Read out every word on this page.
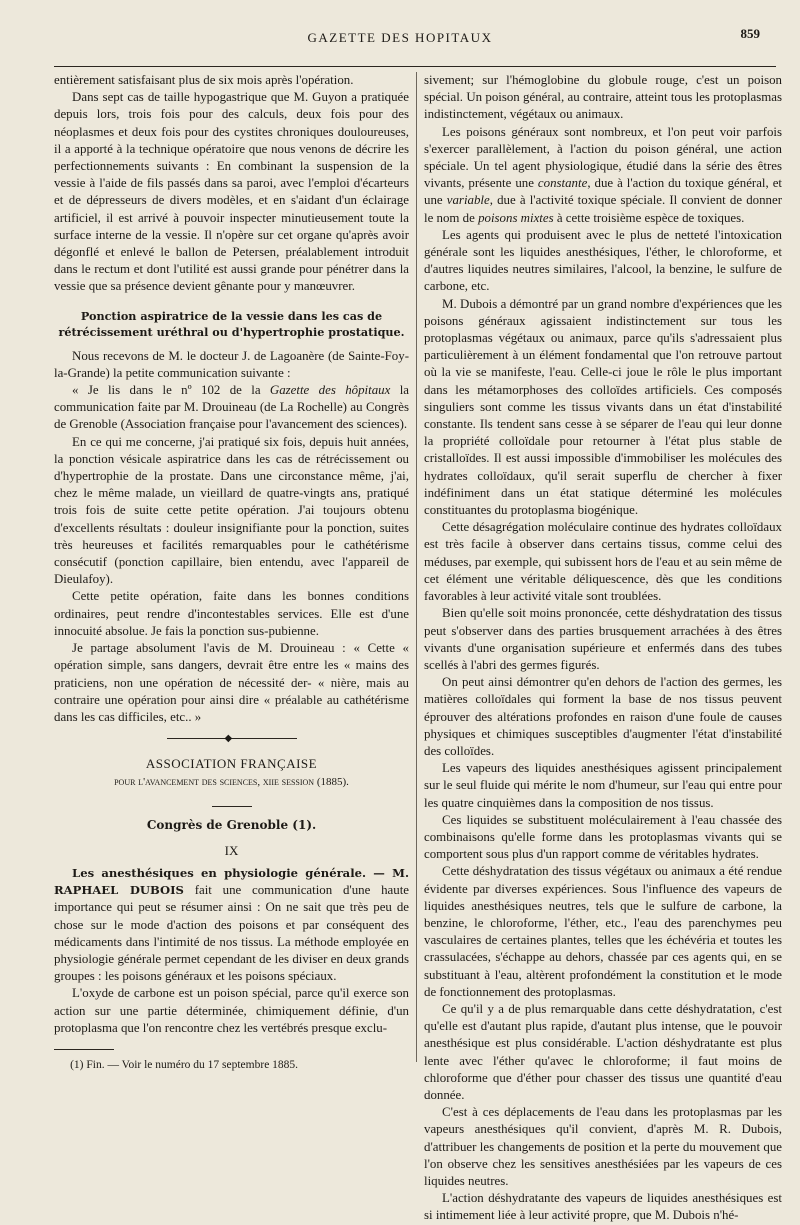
GAZETTE DES HOPITAUX	859

entièrement satisfaisant plus de six mois après l'opération.

Dans sept cas de taille hypogastrique que M. Guyon a pratiquée depuis lors, trois fois pour des calculs, deux fois pour des néoplasmes et deux fois pour des cystites chroniques douloureuses, il a apporté à la technique opératoire que nous venons de décrire les perfectionnements suivants : En combinant la suspension de la vessie à l'aide de fils passés dans sa paroi, avec l'emploi d'écarteurs et de dépresseurs de divers modèles, et en s'aidant d'un éclairage artificiel, il est arrivé à pouvoir inspecter minutieusement toute la surface interne de la vessie. Il n'opère sur cet organe qu'après avoir dégonflé et enlevé le ballon de Petersen, préalablement introduit dans le rectum et dont l'utilité est aussi grande pour pénétrer dans la vessie que sa présence devient gênante pour y manœuvrer.

Ponction aspiratrice de la vessie dans les cas de rétrécissement uréthral ou d'hypertrophie prostatique.

Nous recevons de M. le docteur J. de Lagoanère (de Sainte-Foy-la-Grande) la petite communication suivante :

« Je lis dans le nº 102 de la Gazette des hôpitaux la communication faite par M. Drouineau (de La Rochelle) au Congrès de Grenoble (Association française pour l'avancement des sciences).

En ce qui me concerne, j'ai pratiqué six fois, depuis huit années, la ponction vésicale aspiratrice dans les cas de rétrécissement ou d'hypertrophie de la prostate. Dans une circonstance même, j'ai, chez le même malade, un vieillard de quatre-vingts ans, pratiqué trois fois de suite cette petite opération. J'ai toujours obtenu d'excellents résultats : douleur insignifiante pour la ponction, suites très heureuses et facilités remarquables pour le cathétérisme consécutif (ponction capillaire, bien entendu, avec l'appareil de Dieulafoy).

Cette petite opération, faite dans les bonnes conditions ordinaires, peut rendre d'incontestables services. Elle est d'une innocuité absolue. Je fais la ponction sus-pubienne.

Je partage absolument l'avis de M. Drouineau : « Cette « opération simple, sans dangers, devrait être entre les « mains des praticiens, non une opération de nécessité der- « nière, mais au contraire une opération pour ainsi dire « préalable au cathétérisme dans les cas difficiles, etc.. »

◆
ASSOCIATION FRANÇAISE
pour l'avancement des sciences, xiie session (1885).
Congrès de Grenoble (1).
IX

Les anesthésiques en physiologie générale. — M. RAPHAEL DUBOIS fait une communication d'une haute importance qui peut se résumer ainsi : On ne sait que très peu de chose sur le mode d'action des poisons et par conséquent des médicaments dans l'intimité de nos tissus. La méthode employée en physiologie générale permet cependant de les diviser en deux grands groupes : les poisons généraux et les poisons spéciaux.

L'oxyde de carbone est un poison spécial, parce qu'il exerce son action sur une partie déterminée, chimiquement définie, d'un protoplasma que l'on rencontre chez les vertébrés presque exclu-

(1) Fin. — Voir le numéro du 17 septembre 1885.

sivement; sur l'hémoglobine du globule rouge, c'est un poison spécial. Un poison général, au contraire, atteint tous les protoplasmas indistinctement, végétaux ou animaux.

Les poisons généraux sont nombreux, et l'on peut voir parfois s'exercer parallèlement, à l'action du poison général, une action spéciale. Un tel agent physiologique, étudié dans la série des êtres vivants, présente une constante, due à l'action du toxique général, et une variable, due à l'activité toxique spéciale. Il convient de donner le nom de poisons mixtes à cette troisième espèce de toxiques.

Les agents qui produisent avec le plus de netteté l'intoxication générale sont les liquides anesthésiques, l'éther, le chloroforme, et d'autres liquides neutres similaires, l'alcool, la benzine, le sulfure de carbone, etc.

M. Dubois a démontré par un grand nombre d'expériences que les poisons généraux agissaient indistinctement sur tous les protoplasmas végétaux ou animaux, parce qu'ils s'adressaient plus particulièrement à un élément fondamental que l'on retrouve partout où la vie se manifeste, l'eau. Celle-ci joue le rôle le plus important dans les métamorphoses des colloïdes artificiels. Ces composés singuliers sont comme les tissus vivants dans un état d'instabilité constante. Ils tendent sans cesse à se séparer de l'eau qui leur donne la propriété colloïdale pour retourner à l'état plus stable de cristalloïdes. Il est aussi impossible d'immobiliser les molécules des hydrates colloïdaux, qu'il serait superflu de chercher à fixer indéfiniment dans un état statique déterminé les molécules constituantes du protoplasma biogénique.

Cette désagrégation moléculaire continue des hydrates colloïdaux est très facile à observer dans certains tissus, comme celui des méduses, par exemple, qui subissent hors de l'eau et au sein même de cet élément une véritable déliquescence, dès que les conditions favorables à leur activité vitale sont troublées.

Bien qu'elle soit moins prononcée, cette déshydratation des tissus peut s'observer dans des parties brusquement arrachées à des êtres vivants d'une organisation supérieure et enfermés dans des tubes scellés à l'abri des germes figurés.

On peut ainsi démontrer qu'en dehors de l'action des germes, les matières colloïdales qui forment la base de nos tissus peuvent éprouver des altérations profondes en raison d'une foule de causes physiques et chimiques susceptibles d'augmenter l'état d'instabilité des colloïdes.

Les vapeurs des liquides anesthésiques agissent principalement sur le seul fluide qui mérite le nom d'humeur, sur l'eau qui entre pour les quatre cinquièmes dans la composition de nos tissus.

Ces liquides se substituent moléculairement à l'eau chassée des combinaisons qu'elle forme dans les protoplasmas vivants qui se comportent sous plus d'un rapport comme de véritables hydrates.

Cette déshydratation des tissus végétaux ou animaux a été rendue évidente par diverses expériences. Sous l'influence des vapeurs de liquides anesthésiques neutres, tels que le sulfure de carbone, la benzine, le chloroforme, l'éther, etc., l'eau des parenchymes peu vasculaires de certaines plantes, telles que les échévéria et toutes les crassulacées, s'échappe au dehors, chassée par ces agents qui, en se substituant à l'eau, altèrent profondément la constitution et le mode de fonctionnement des protoplasmas.

Ce qu'il y a de plus remarquable dans cette déshydratation, c'est qu'elle est d'autant plus rapide, d'autant plus intense, que le pouvoir anesthésique est plus considérable. L'action déshydratante est plus lente avec l'éther qu'avec le chloroforme; il faut moins de chloroforme que d'éther pour chasser des tissus une quantité d'eau donnée.

C'est à ces déplacements de l'eau dans les protoplasmas par les vapeurs anesthésiques qu'il convient, d'après M. R. Dubois, d'attribuer les changements de position et la perte du mouvement que l'on observe chez les sensitives anesthésiées par les vapeurs de ces liquides neutres.

L'action déshydratante des vapeurs de liquides anesthésiques est si intimement liée à leur activité propre, que M. Dubois n'hé-
